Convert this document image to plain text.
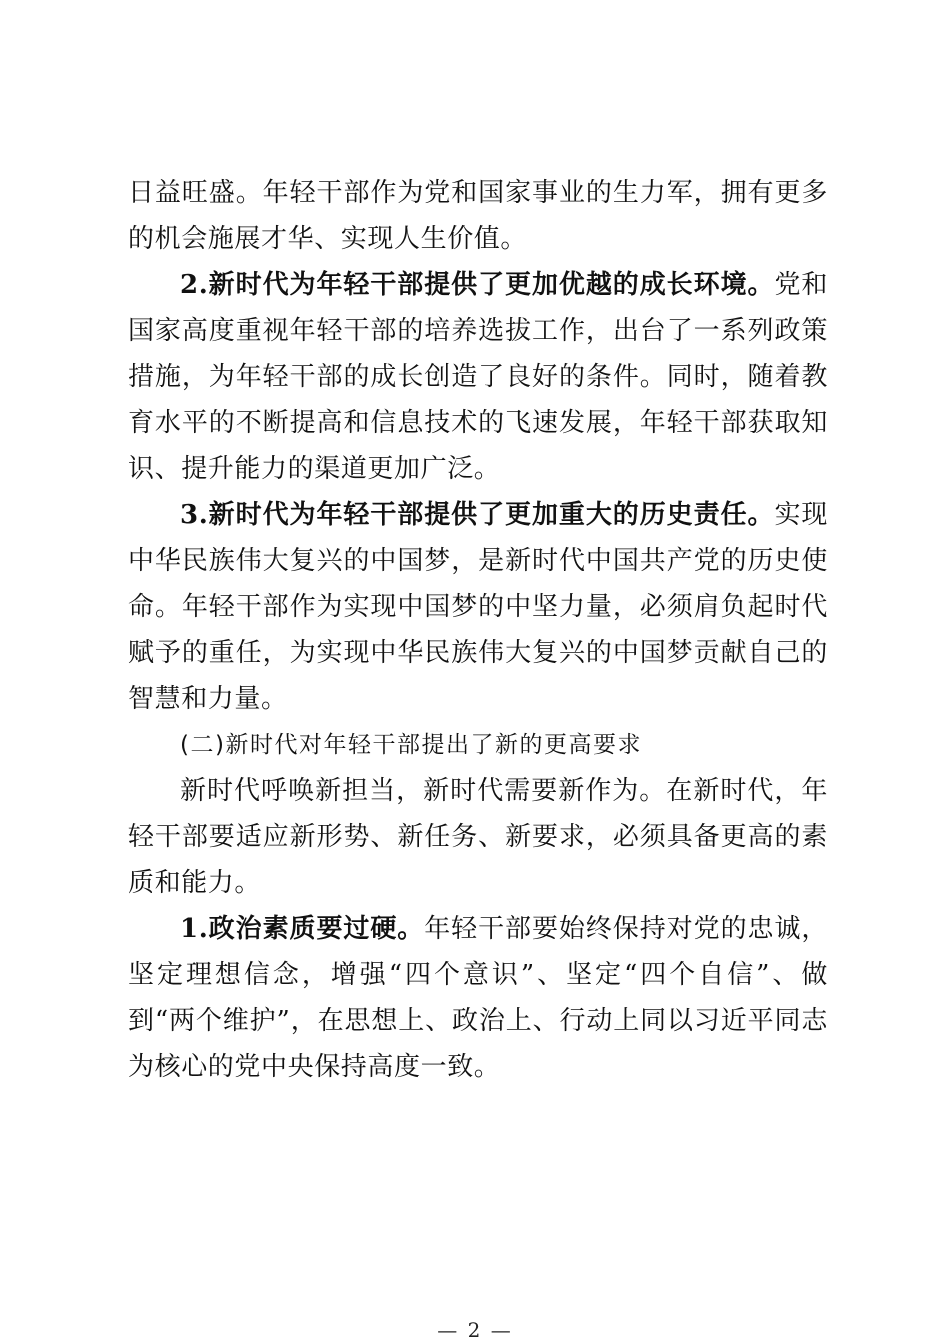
日益旺盛。年轻干部作为党和国家事业的生力军，拥有更多的机会施展才华、实现人生价值。

2.新时代为年轻干部提供了更加优越的成长环境。党和国家高度重视年轻干部的培养选拔工作，出台了一系列政策措施，为年轻干部的成长创造了良好的条件。同时，随着教育水平的不断提高和信息技术的飞速发展，年轻干部获取知识、提升能力的渠道更加广泛。

3.新时代为年轻干部提供了更加重大的历史责任。实现中华民族伟大复兴的中国梦，是新时代中国共产党的历史使命。年轻干部作为实现中国梦的中坚力量，必须肩负起时代赋予的重任，为实现中华民族伟大复兴的中国梦贡献自己的智慧和力量。

(二)新时代对年轻干部提出了新的更高要求

新时代呼唤新担当，新时代需要新作为。在新时代，年轻干部要适应新形势、新任务、新要求，必须具备更高的素质和能力。

1.政治素质要过硬。年轻干部要始终保持对党的忠诚，坚定理想信念，增强“四个意识”、坚定“四个自信”、做到“两个维护”，在思想上、政治上、行动上同以习近平同志为核心的党中央保持高度一致。

— 2 —
